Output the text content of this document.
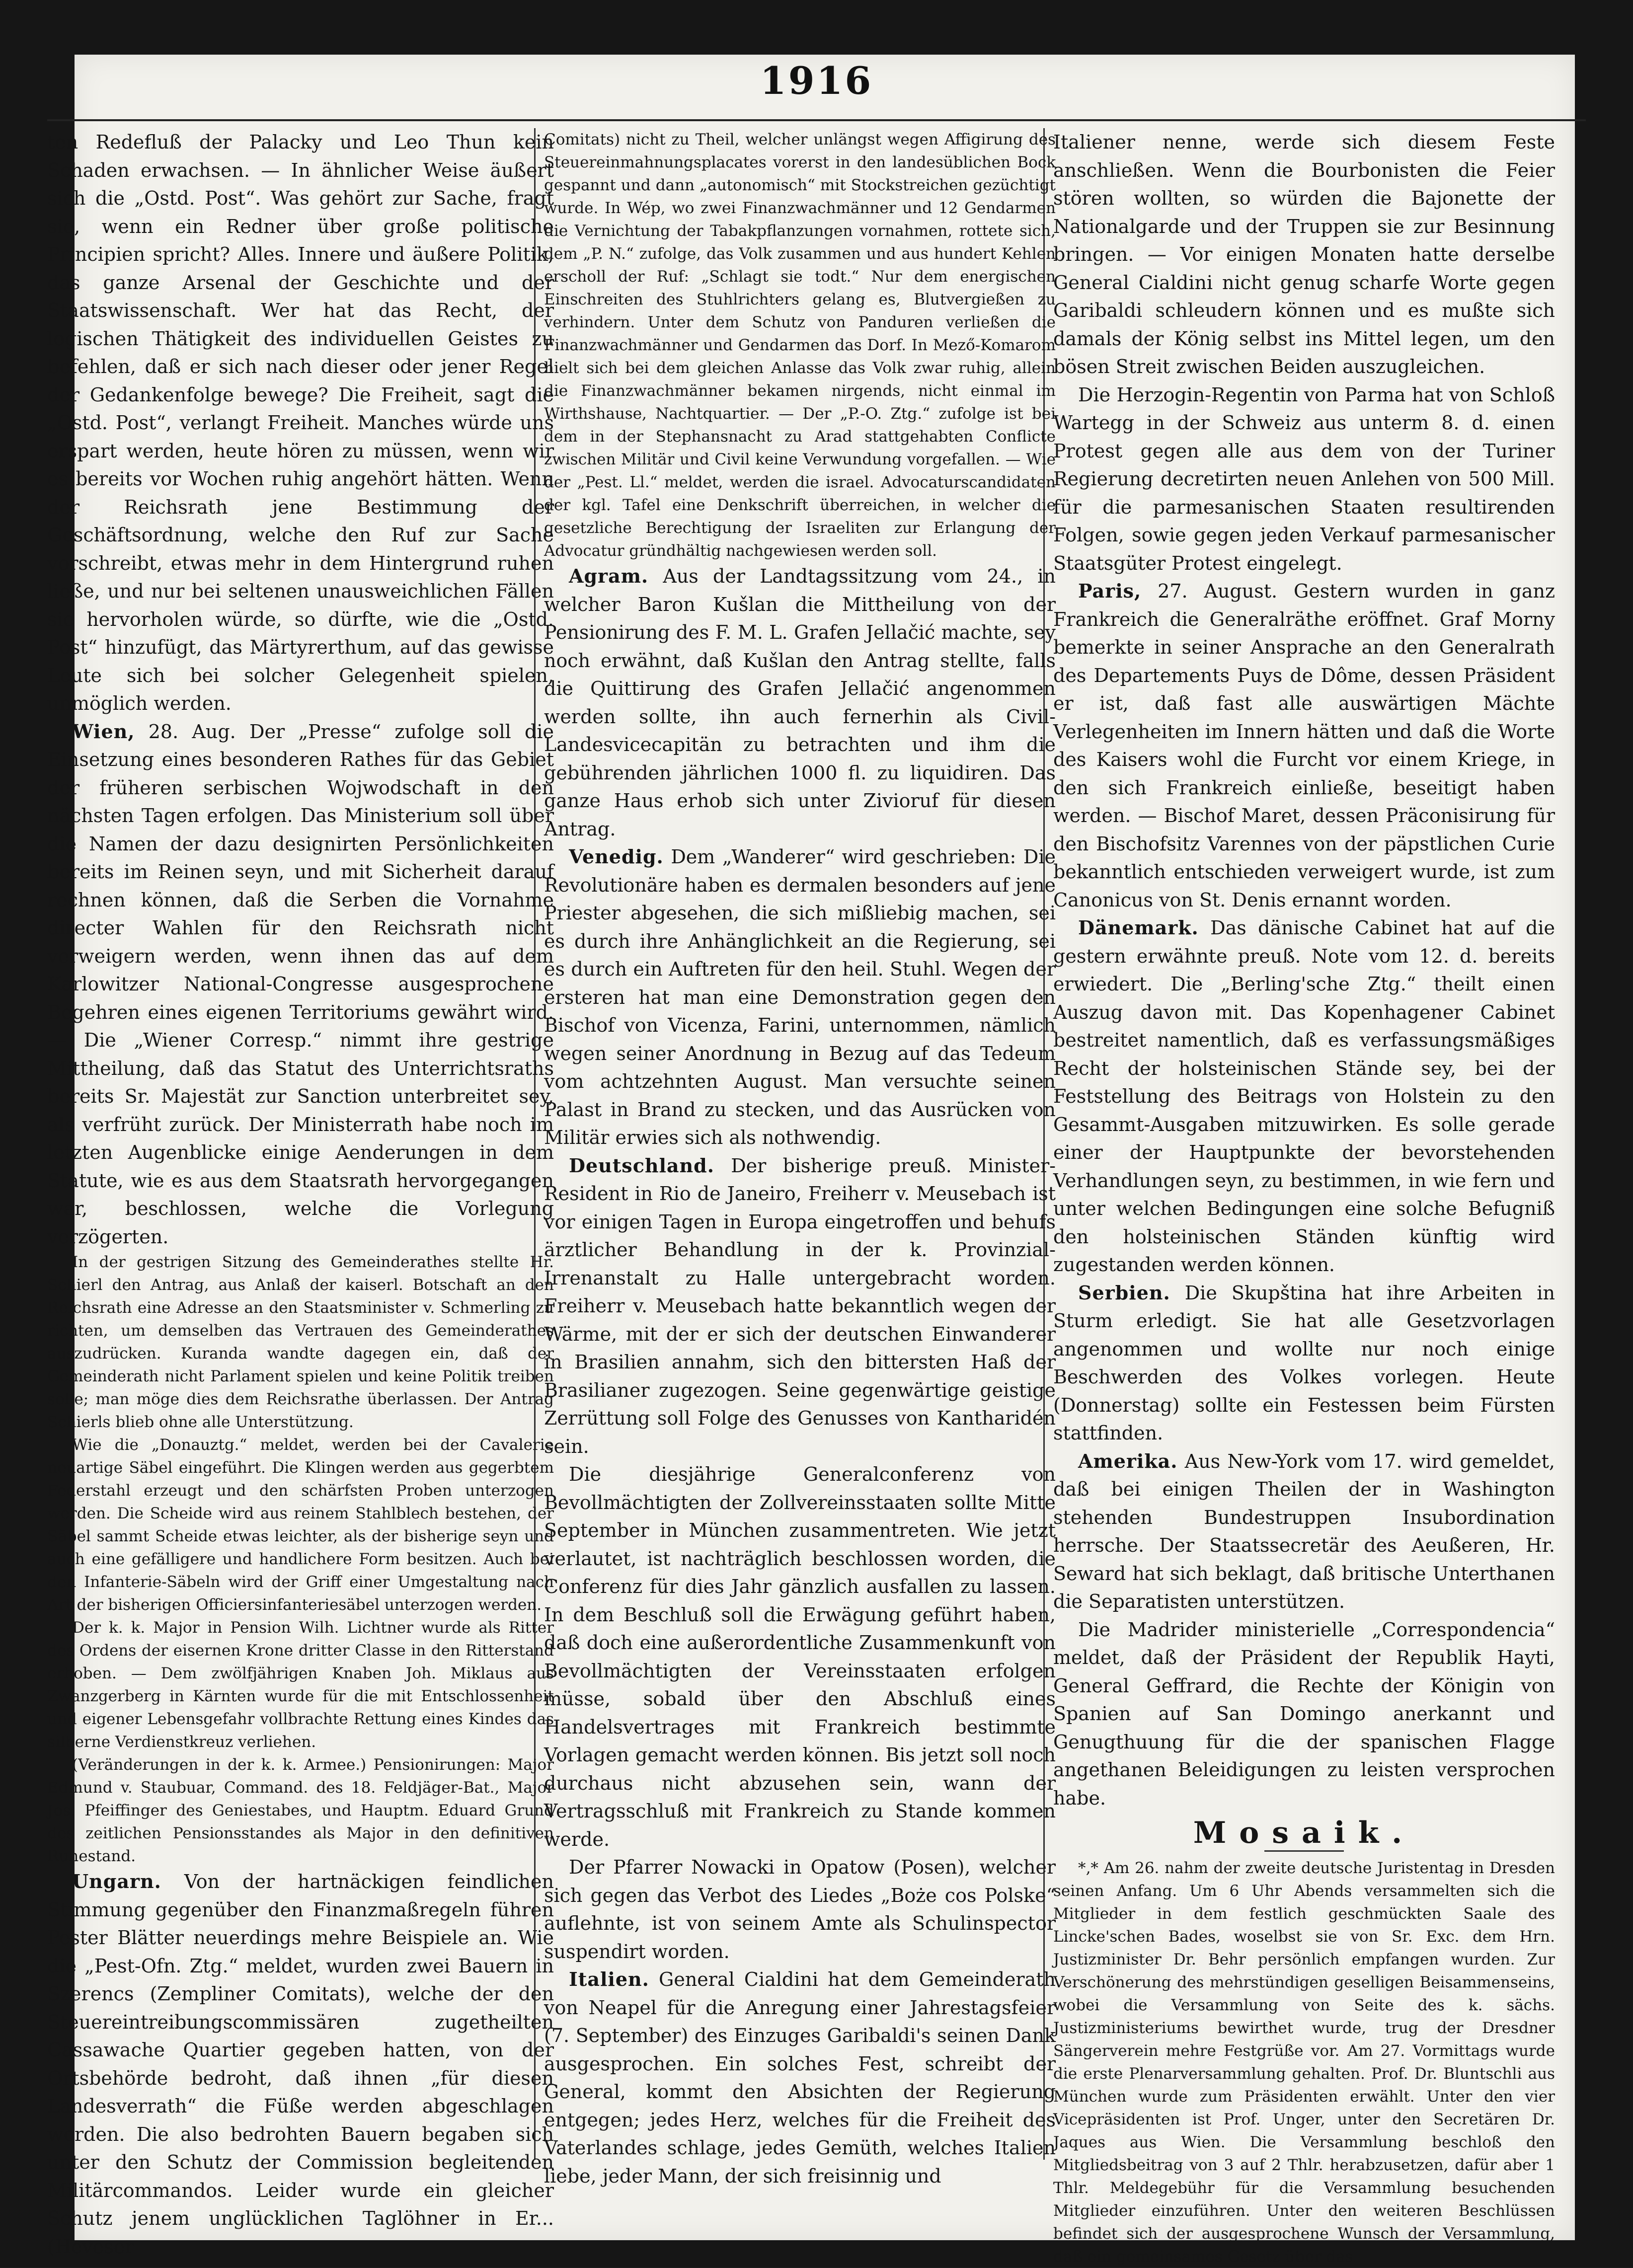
1916

ten Redefluß der Palacky und Leo Thun kein Schaden erwachsen. — In ähnlicher Weise äußert sich die „Ostd. Post“. Was gehört zur Sache, fragt sie, wenn ein Redner über große politische Principien spricht? Alles. Innere und äußere Politik, das ganze Arsenal der Geschichte und der Staatswissenschaft. Wer hat das Recht, der logischen Thätigkeit des individuellen Geistes zu befehlen, daß er sich nach dieser oder jener Regel der Gedankenfolge bewege? Die Freiheit, sagt die „Ostd. Post“, verlangt Freiheit. Manches würde uns erspart werden, heute hören zu müssen, wenn wir es bereits vor Wochen ruhig angehört hätten. Wenn der Reichsrath jene Bestimmung der Geschäftsordnung, welche den Ruf zur Sache vorschreibt, etwas mehr in dem Hintergrund ruhen ließe, und nur bei seltenen unausweichlichen Fällen sie hervorholen würde, so dürfte, wie die „Ostd. Post“ hinzufügt, das Märtyrerthum, auf das gewisse Leute sich bei solcher Gelegenheit spielen, unmöglich werden.

Wien, 28. Aug. Der „Presse“ zufolge soll die Einsetzung eines besonderen Rathes für das Gebiet der früheren serbischen Wojwodschaft in den nächsten Tagen erfolgen. Das Ministerium soll über die Namen der dazu designirten Persönlichkeiten bereits im Reinen seyn, und mit Sicherheit darauf rechnen können, daß die Serben die Vornahme directer Wahlen für den Reichsrath nicht verweigern werden, wenn ihnen das auf dem Karlowitzer National-Congresse ausgesprochene Begehren eines eigenen Territoriums gewährt wird. — Die „Wiener Corresp.“ nimmt ihre gestrige Mittheilung, daß das Statut des Unterrichtsraths bereits Sr. Majestät zur Sanction unterbreitet sey, als verfrüht zurück. Der Ministerrath habe noch im letzten Augenblicke einige Aenderungen in dem Statute, wie es aus dem Staatsrath hervorgegangen war, beschlossen, welche die Vorlegung verzögerten.

In der gestrigen Sitzung des Gemeinderathes stellte Hr. Schierl den Antrag, aus Anlaß der kaiserl. Botschaft an den Reichsrath eine Adresse an den Staatsminister v. Schmerling zu richten, um demselben das Vertrauen des Gemeinderathes auszudrücken. Kuranda wandte dagegen ein, daß der Gemeinderath nicht Parlament spielen und keine Politik treiben solle; man möge dies dem Reichsrathe überlassen. Der Antrag Schierls blieb ohne alle Unterstützung.

Wie die „Donauztg.“ meldet, werden bei der Cavalerie neuartige Säbel eingeführt. Die Klingen werden aus gegerbtem Federstahl erzeugt und den schärfsten Proben unterzogen werden. Die Scheide wird aus reinem Stahlblech bestehen, der Säbel sammt Scheide etwas leichter, als der bisherige seyn und auch eine gefälligere und handlichere Form besitzen. Auch bei den Infanterie-Säbeln wird der Griff einer Umgestaltung nach Art der bisherigen Officiersinfanteriesäbel unterzogen werden.

Der k. k. Major in Pension Wilh. Lichtner wurde als Ritter des Ordens der eisernen Krone dritter Classe in den Ritterstand erhoben. — Dem zwölfjährigen Knaben Joh. Miklaus aus Zwanzgerberg in Kärnten wurde für die mit Entschlossenheit und eigener Lebensgefahr vollbrachte Rettung eines Kindes das silberne Verdienstkreuz verliehen.

(Veränderungen in der k. k. Armee.) Pensionirungen: Major Edmund v. Staubuar, Command. des 18. Feldjäger-Bat., Major Jos. Pfeiffinger des Geniestabes, und Hauptm. Eduard Grund des zeitlichen Pensionsstandes als Major in den definitiven Ruhestand.

Ungarn. Von der hartnäckigen feindlichen Stimmung gegenüber den Finanzmaßregeln führen Pester Blätter neuerdings mehre Beispiele an. Wie die „Pest-Ofn. Ztg.“ meldet, wurden zwei Bauern in Szerencs (Zempliner Comitats), welche der den Steuereintreibungscommissären zugetheilten Cassawache Quartier gegeben hatten, von der Ortsbehörde bedroht, daß ihnen „für diesen Landesverrath“ die Füße werden abgeschlagen werden. Die also bedrohten Bauern begaben sich unter den Schutz der Commission begleitenden Militärcommandos. Leider wurde ein gleicher Schutz jenem unglücklichen Taglöhner in Er... (Heveser

Comitats) nicht zu Theil, welcher unlängst wegen Affigirung des Steuereinmahnungsplacates vorerst in den landesüblichen Bock gespannt und dann „autonomisch“ mit Stockstreichen gezüchtigt wurde. In Wép, wo zwei Finanzwachmänner und 12 Gendarmen die Vernichtung der Tabakpflanzungen vornahmen, rottete sich, dem „P. N.“ zufolge, das Volk zusammen und aus hundert Kehlen erscholl der Ruf: „Schlagt sie todt.“ Nur dem energischen Einschreiten des Stuhlrichters gelang es, Blutvergießen zu verhindern. Unter dem Schutz von Panduren verließen die Finanzwachmänner und Gendarmen das Dorf. In Mező-Komarom hielt sich bei dem gleichen Anlasse das Volk zwar ruhig, allein die Finanzwachmänner bekamen nirgends, nicht einmal im Wirthshause, Nachtquartier. — Der „P.-O. Ztg.“ zufolge ist bei dem in der Stephansnacht zu Arad stattgehabten Conflicte zwischen Militär und Civil keine Verwundung vorgefallen. — Wie der „Pest. Ll.“ meldet, werden die israel. Advocaturscandidaten der kgl. Tafel eine Denkschrift überreichen, in welcher die gesetzliche Berechtigung der Israeliten zur Erlangung der Advocatur gründhältig nachgewiesen werden soll.

Agram. Aus der Landtagssitzung vom 24., in welcher Baron Kušlan die Mittheilung von der Pensionirung des F. M. L. Grafen Jellačić machte, sey noch erwähnt, daß Kušlan den Antrag stellte, falls die Quittirung des Grafen Jellačić angenommen werden sollte, ihn auch fernerhin als Civil-Landesvicecapitän zu betrachten und ihm die gebührenden jährlichen 1000 fl. zu liquidiren. Das ganze Haus erhob sich unter Zivioruf für diesen Antrag.

Venedig. Dem „Wanderer“ wird geschrieben: Die Revolutionäre haben es dermalen besonders auf jene Priester abgesehen, die sich mißliebig machen, sei es durch ihre Anhänglichkeit an die Regierung, sei es durch ein Auftreten für den heil. Stuhl. Wegen der ersteren hat man eine Demonstration gegen den Bischof von Vicenza, Farini, unternommen, nämlich wegen seiner Anordnung in Bezug auf das Tedeum vom achtzehnten August. Man versuchte seinen Palast in Brand zu stecken, und das Ausrücken von Militär erwies sich als nothwendig.

Deutschland. Der bisherige preuß. Minister-Resident in Rio de Janeiro, Freiherr v. Meusebach ist vor einigen Tagen in Europa eingetroffen und behufs ärztlicher Behandlung in der k. Provinzial-Irrenanstalt zu Halle untergebracht worden. Freiherr v. Meusebach hatte bekanntlich wegen der Wärme, mit der er sich der deutschen Einwanderer in Brasilien annahm, sich den bittersten Haß der Brasilianer zugezogen. Seine gegenwärtige geistige Zerrüttung soll Folge des Genusses von Kantharidén sein.

Die diesjährige Generalconferenz von Bevollmächtigten der Zollvereinsstaaten sollte Mitte September in München zusammentreten. Wie jetzt verlautet, ist nachträglich beschlossen worden, die Conferenz für dies Jahr gänzlich ausfallen zu lassen. In dem Beschluß soll die Erwägung geführt haben, daß doch eine außerordentliche Zusammenkunft von Bevollmächtigten der Vereinsstaaten erfolgen müsse, sobald über den Abschluß eines Handelsvertrages mit Frankreich bestimmte Vorlagen gemacht werden können. Bis jetzt soll noch durchaus nicht abzusehen sein, wann der Vertragsschluß mit Frankreich zu Stande kommen werde.

Der Pfarrer Nowacki in Opatow (Posen), welcher sich gegen das Verbot des Liedes „Boże cos Polske“ auflehnte, ist von seinem Amte als Schulinspector suspendirt worden.

Italien. General Cialdini hat dem Gemeinderath von Neapel für die Anregung einer Jahrestagsfeier (7. September) des Einzuges Garibaldi's seinen Dank ausgesprochen. Ein solches Fest, schreibt der General, kommt den Absichten der Regierung entgegen; jedes Herz, welches für die Freiheit des Vaterlandes schlage, jedes Gemüth, welches Italien liebe, jeder Mann, der sich freisinnig und

Italiener nenne, werde sich diesem Feste anschließen. Wenn die Bourbonisten die Feier stören wollten, so würden die Bajonette der Nationalgarde und der Truppen sie zur Besinnung bringen. — Vor einigen Monaten hatte derselbe General Cialdini nicht genug scharfe Worte gegen Garibaldi schleudern können und es mußte sich damals der König selbst ins Mittel legen, um den bösen Streit zwischen Beiden auszugleichen.

Die Herzogin-Regentin von Parma hat von Schloß Wartegg in der Schweiz aus unterm 8. d. einen Protest gegen alle aus dem von der Turiner Regierung decretirten neuen Anlehen von 500 Mill. für die parmesanischen Staaten resultirenden Folgen, sowie gegen jeden Verkauf parmesanischer Staatsgüter Protest eingelegt.

Paris, 27. August. Gestern wurden in ganz Frankreich die Generalräthe eröffnet. Graf Morny bemerkte in seiner Ansprache an den Generalrath des Departements Puys de Dôme, dessen Präsident er ist, daß fast alle auswärtigen Mächte Verlegenheiten im Innern hätten und daß die Worte des Kaisers wohl die Furcht vor einem Kriege, in den sich Frankreich einließe, beseitigt haben werden. — Bischof Maret, dessen Präconisirung für den Bischofsitz Varennes von der päpstlichen Curie bekanntlich entschieden verweigert wurde, ist zum Canonicus von St. Denis ernannt worden.

Dänemark. Das dänische Cabinet hat auf die gestern erwähnte preuß. Note vom 12. d. bereits erwiedert. Die „Berling'sche Ztg.“ theilt einen Auszug davon mit. Das Kopenhagener Cabinet bestreitet namentlich, daß es verfassungsmäßiges Recht der holsteinischen Stände sey, bei der Feststellung des Beitrags von Holstein zu den Gesammt-Ausgaben mitzuwirken. Es solle gerade einer der Hauptpunkte der bevorstehenden Verhandlungen seyn, zu bestimmen, in wie fern und unter welchen Bedingungen eine solche Befugniß den holsteinischen Ständen künftig wird zugestanden werden können.

Serbien. Die Skupština hat ihre Arbeiten in Sturm erledigt. Sie hat alle Gesetzvorlagen angenommen und wollte nur noch einige Beschwerden des Volkes vorlegen. Heute (Donnerstag) sollte ein Festessen beim Fürsten stattfinden.

Amerika. Aus New-York vom 17. wird gemeldet, daß bei einigen Theilen der in Washington stehenden Bundestruppen Insubordination herrsche. Der Staatssecretär des Aeußeren, Hr. Seward hat sich beklagt, daß britische Unterthanen die Separatisten unterstützen.

Die Madrider ministerielle „Correspondencia“ meldet, daß der Präsident der Republik Hayti, General Geffrard, die Rechte der Königin von Spanien auf San Domingo anerkannt und Genugthuung für die der spanischen Flagge angethanen Beleidigungen zu leisten versprochen habe.

Mosaik.

*‚* Am 26. nahm der zweite deutsche Juristentag in Dresden seinen Anfang. Um 6 Uhr Abends versammelten sich die Mitglieder in dem festlich geschmückten Saale des Lincke'schen Bades, woselbst sie von Sr. Exc. dem Hrn. Justizminister Dr. Behr persönlich empfangen wurden. Zur Verschönerung des mehrstündigen geselligen Beisammenseins, wobei die Versammlung von Seite des k. sächs. Justizministeriums bewirthet wurde, trug der Dresdner Sängerverein mehre Festgrüße vor. Am 27. Vormittags wurde die erste Plenarversammlung gehalten. Prof. Dr. Bluntschli aus München wurde zum Präsidenten erwählt. Unter den vier Vicepräsidenten ist Prof. Unger, unter den Secretären Dr. Jaques aus Wien. Die Versammlung beschloß den Mitgliedsbeitrag von 3 auf 2 Thlr. herabzusetzen, dafür aber 1 Thlr. Meldegebühr für die Versammlung besuchenden Mitglieder einzuführen. Unter den weiteren Beschlüssen befindet sich der ausgesprochene Wunsch der Versammlung, daß ein gemeinsames Gesetz über das
